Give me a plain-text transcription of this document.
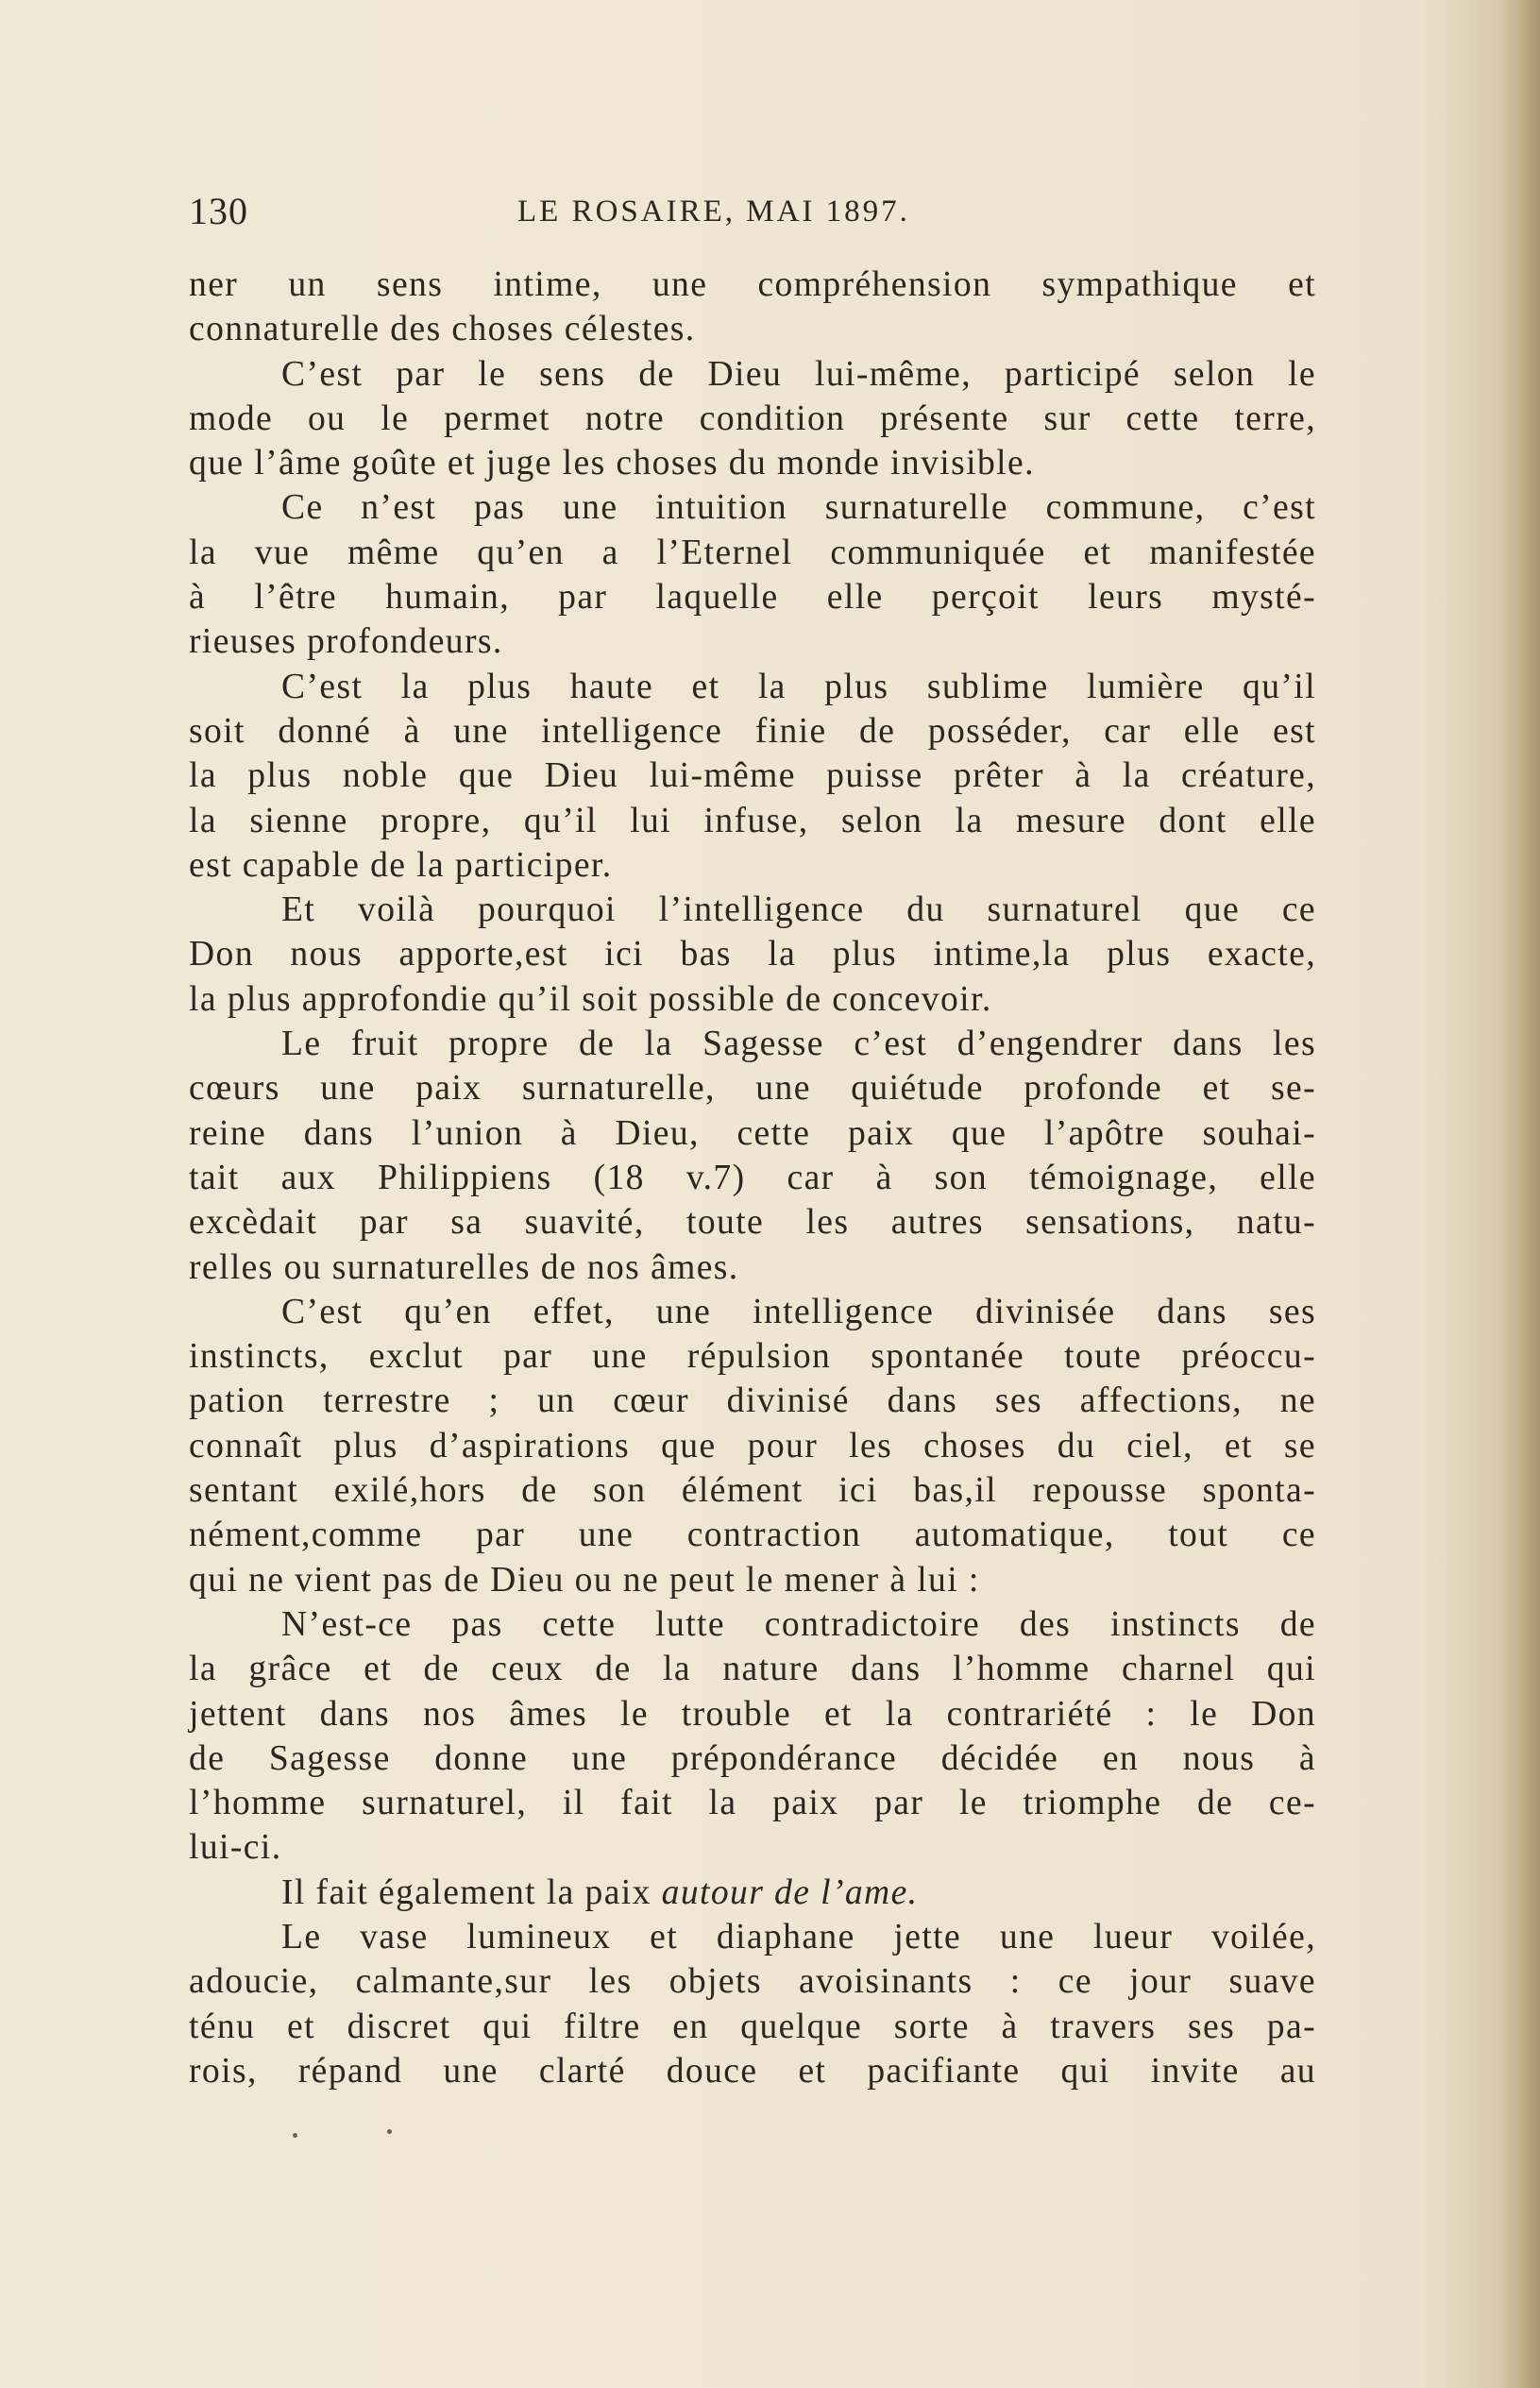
130	LE ROSAIRE, MAI 1897.
ner un sens intime, une compréhension sympathique et
connaturelle des choses célestes.
C’est par le sens de Dieu lui-même, participé selon le
mode ou le permet notre condition présente sur cette terre,
que l’âme goûte et juge les choses du monde invisible.
Ce n’est pas une intuition surnaturelle commune, c’est
la vue même qu’en a l’Eternel communiquée et manifestée
à l’être humain, par laquelle elle perçoit leurs mysté-
rieuses profondeurs.
C’est la plus haute et la plus sublime lumière qu’il
soit donné à une intelligence finie de posséder, car elle est
la plus noble que Dieu lui-même puisse prêter à la créature,
la sienne propre, qu’il lui infuse, selon la mesure dont elle
est capable de la participer.
Et voilà pourquoi l’intelligence du surnaturel que ce
Don nous apporte,est ici bas la plus intime,la plus exacte,
la plus approfondie qu’il soit possible de concevoir.
Le fruit propre de la Sagesse c’est d’engendrer dans les
cœurs une paix surnaturelle, une quiétude profonde et se-
reine dans l’union à Dieu, cette paix que l’apôtre souhai-
tait aux Philippiens (18 v.7) car à son témoignage, elle
excèdait par sa suavité, toute les autres sensations, natu-
relles ou surnaturelles de nos âmes.
C’est qu’en effet, une intelligence divinisée dans ses
instincts, exclut par une répulsion spontanée toute préoccu-
pation terrestre ; un cœur divinisé dans ses affections, ne
connaît plus d’aspirations que pour les choses du ciel, et se
sentant exilé,hors de son élément ici bas,il repousse sponta-
nément,comme par une contraction automatique, tout ce
qui ne vient pas de Dieu ou ne peut le mener à lui :
N’est-ce pas cette lutte contradictoire des instincts de
la grâce et de ceux de la nature dans l’homme charnel qui
jettent dans nos âmes le trouble et la contrariété : le Don
de Sagesse donne une prépondérance décidée en nous à
l’homme surnaturel, il fait la paix par le triomphe de ce-
lui-ci.
Il fait également la paix autour de l’ame.
Le vase lumineux et diaphane jette une lueur voilée,
adoucie, calmante,sur les objets avoisinants : ce jour suave
ténu et discret qui filtre en quelque sorte à travers ses pa-
rois, répand une clarté douce et pacifiante qui invite au
